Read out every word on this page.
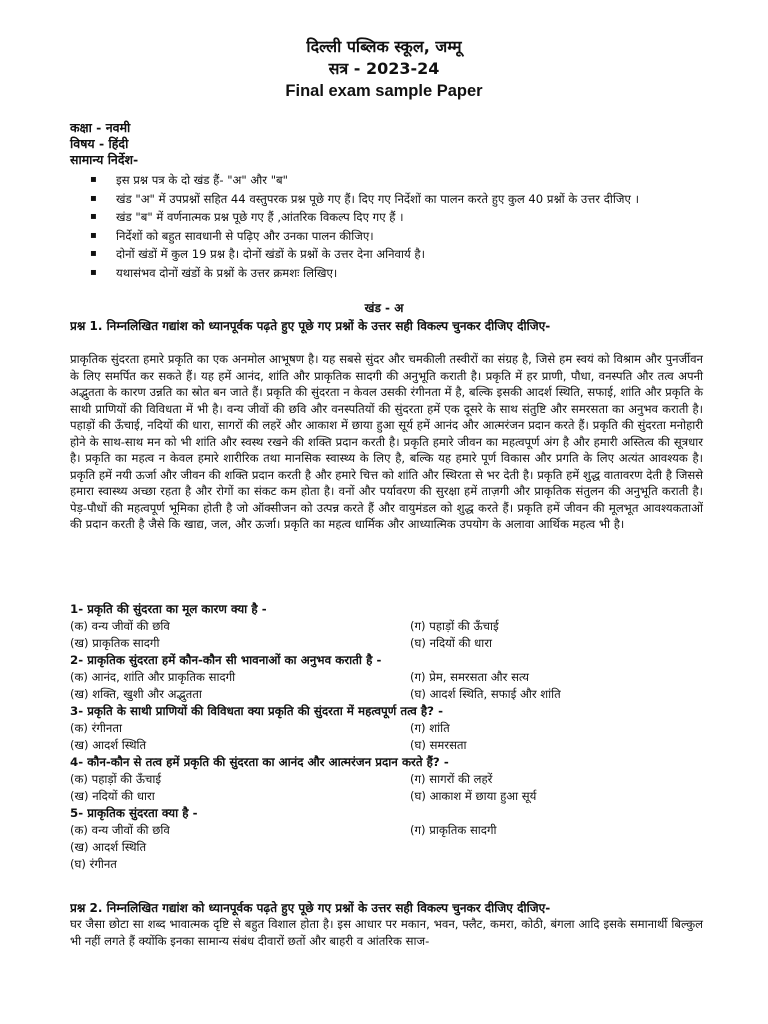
दिल्ली पब्लिक स्कूल, जम्मू
सत्र - 2023-24
Final exam sample Paper
कक्षा - नवमी
विषय - हिंदी
सामान्य निर्देश-
▪ इस प्रश्न पत्र के दो खंड हैं- "अ" और "ब"
▪ खंड "अ" में उपप्रश्नों सहित 44 वस्तुपरक प्रश्न पूछे गए हैं। दिए गए निर्देशों का पालन करते हुए कुल 40 प्रश्नों के उत्तर दीजिए ।
▪ खंड "ब" में वर्णनात्मक प्रश्न पूछे गए हैं ,आंतरिक विकल्प दिए गए हैं ।
▪ निर्देशों को बहुत सावधानी से पढ़िए और उनका पालन कीजिए।
▪ दोनों खंडों में कुल 19 प्रश्न है। दोनों खंडों के प्रश्नों के उत्तर देना अनिवार्य है।
▪ यथासंभव दोनों खंडों के प्रश्नों के उत्तर क्रमशः लिखिए।
खंड - अ
प्रश्न 1. निम्नलिखित गद्यांश को ध्यानपूर्वक पढ़ते हुए पूछे गए प्रश्नों के उत्तर सही विकल्प चुनकर दीजिए दीजिए-

प्राकृतिक सुंदरता हमारे प्रकृति का एक अनमोल आभूषण है। यह सबसे सुंदर और चमकीली तस्वीरों का संग्रह है, जिसे हम स्वयं को विश्राम और पुनर्जीवन के लिए समर्पित कर सकते हैं। यह हमें आनंद, शांति और प्राकृतिक सादगी की अनुभूति कराती है। प्रकृति में हर प्राणी, पौधा, वनस्पति और तत्व अपनी अद्भुतता के कारण उन्नति का स्रोत बन जाते हैं। प्रकृति की सुंदरता न केवल उसकी रंगीनता में है, बल्कि इसकी आदर्श स्थिति, सफाई, शांति और प्रकृति के साथी प्राणियों की विविधता में भी है। वन्य जीवों की छवि और वनस्पतियों की सुंदरता हमें एक दूसरे के साथ संतुष्टि और समरसता का अनुभव कराती है। पहाड़ों की ऊँचाई, नदियों की धारा, सागरों की लहरें और आकाश में छाया हुआ सूर्य हमें आनंद और आत्मरंजन प्रदान करते हैं। प्रकृति की सुंदरता मनोहारी होने के साथ-साथ मन को भी शांति और स्वस्थ रखने की शक्ति प्रदान करती है। प्रकृति हमारे जीवन का महत्वपूर्ण अंग है और हमारी अस्तित्व की सूत्रधार है। प्रकृति का महत्व न केवल हमारे शारीरिक तथा मानसिक स्वास्थ्य के लिए है, बल्कि यह हमारे पूर्ण विकास और प्रगति के लिए अत्यंत आवश्यक है। प्रकृति हमें नयी ऊर्जा और जीवन की शक्ति प्रदान करती है और हमारे चित्त को शांति और स्थिरता से भर देती है। प्रकृति हमें शुद्ध वातावरण देती है जिससे हमारा स्वास्थ्य अच्छा रहता है और रोगों का संकट कम होता है। वनों और पर्यावरण की सुरक्षा हमें ताज़गी और प्राकृतिक संतुलन की अनुभूति कराती है। पेड़-पौधों की महत्वपूर्ण भूमिका होती है जो ऑक्सीजन को उत्पन्न करते हैं और वायुमंडल को शुद्ध करते हैं। प्रकृति हमें जीवन की मूलभूत आवश्यकताओं की प्रदान करती है जैसे कि खाद्य, जल, और ऊर्जा। प्रकृति का महत्व धार्मिक और आध्यात्मिक उपयोग के अलावा आर्थिक महत्व भी है।

1- प्रकृति की सुंदरता का मूल कारण क्या है -
(क) वन्य जीवों की छवि	(ग) पहाड़ों की ऊँचाई
(ख) प्राकृतिक सादगी	(घ) नदियों की धारा
2- प्राकृतिक सुंदरता हमें कौन-कौन सी भावनाओं का अनुभव कराती है -
(क) आनंद, शांति और प्राकृतिक सादगी	(ग) प्रेम, समरसता और सत्य
(ख) शक्ति, खुशी और अद्भुतता	(घ) आदर्श स्थिति, सफाई और शांति
3- प्रकृति के साथी प्राणियों की विविधता क्या प्रकृति की सुंदरता में महत्वपूर्ण तत्व है? -
(क) रंगीनता	(ग) शांति
(ख) आदर्श स्थिति	(घ) समरसता
4- कौन-कौन से तत्व हमें प्रकृति की सुंदरता का आनंद और आत्मरंजन प्रदान करते हैं? -
(क) पहाड़ों की ऊँचाई	(ग) सागरों की लहरें
(ख) नदियों की धारा	(घ) आकाश में छाया हुआ सूर्य
5- प्राकृतिक सुंदरता क्या है -
(क) वन्य जीवों की छवि	(ग) प्राकृतिक सादगी
(ख) आदर्श स्थिति
(घ) रंगीनत
प्रश्न 2. निम्नलिखित गद्यांश को ध्यानपूर्वक पढ़ते हुए पूछे गए प्रश्नों के उत्तर सही विकल्प चुनकर दीजिए दीजिए-

घर जैसा छोटा सा शब्द भावात्मक दृष्टि से बहुत विशाल होता है। इस आधार पर मकान, भवन, फ्लैट, कमरा, कोठी, बंगला आदि इसके समानार्थी बिल्कुल भी नहीं लगते हैं क्योंकि इनका सामान्य संबंध दीवारों छतों और बाहरी व आंतरिक साज-
